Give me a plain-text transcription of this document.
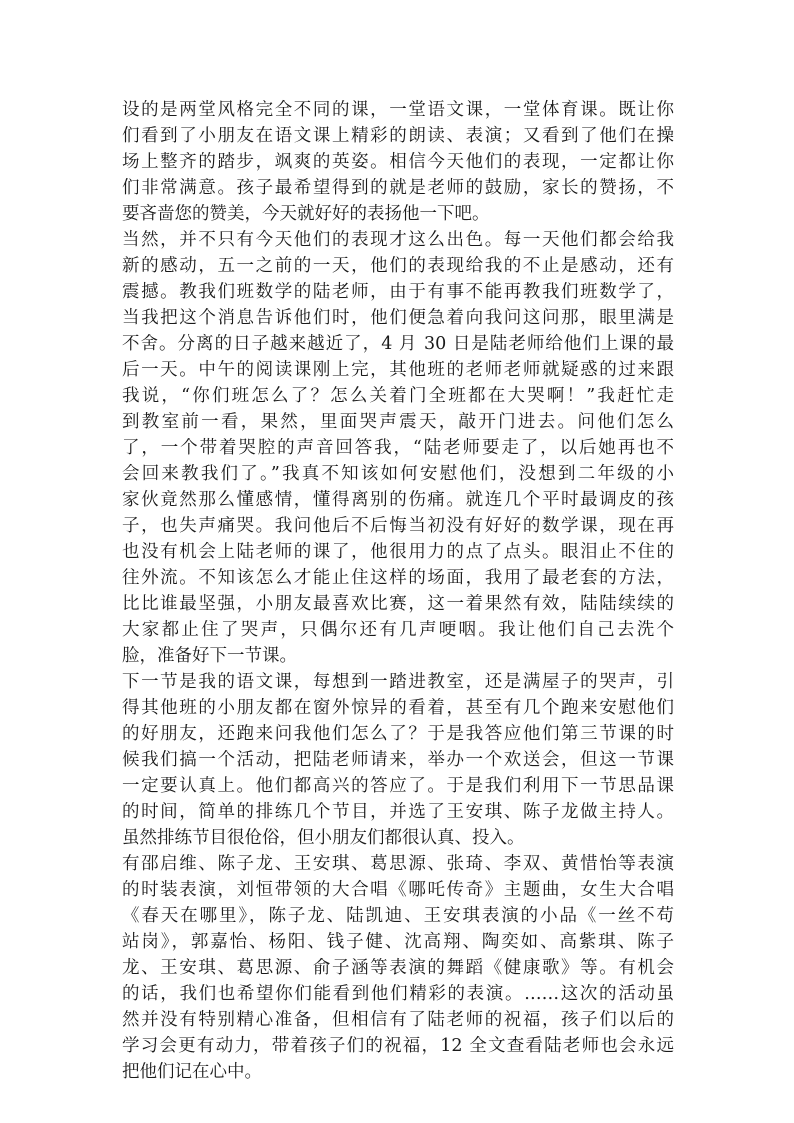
设的是两堂风格完全不同的课，一堂语文课，一堂体育课。既让你
们看到了小朋友在语文课上精彩的朗读、表演；又看到了他们在操
场上整齐的踏步，飒爽的英姿。相信今天他们的表现，一定都让你
们非常满意。孩子最希望得到的就是老师的鼓励，家长的赞扬，不
要吝啬您的赞美，今天就好好的表扬他一下吧。
当然，并不只有今天他们的表现才这么出色。每一天他们都会给我
新的感动，五一之前的一天，他们的表现给我的不止是感动，还有
震撼。教我们班数学的陆老师，由于有事不能再教我们班数学了，
当我把这个消息告诉他们时，他们便急着向我问这问那，眼里满是
不舍。分离的日子越来越近了，4 月 30 日是陆老师给他们上课的最
后一天。中午的阅读课刚上完，其他班的老师老师就疑惑的过来跟
我说，“你们班怎么了？怎么关着门全班都在大哭啊！”我赶忙走
到教室前一看，果然，里面哭声震天，敲开门进去。问他们怎么
了，一个带着哭腔的声音回答我，“陆老师要走了，以后她再也不
会回来教我们了。”我真不知该如何安慰他们，没想到二年级的小
家伙竟然那么懂感情，懂得离别的伤痛。就连几个平时最调皮的孩
子，也失声痛哭。我问他后不后悔当初没有好好的数学课，现在再
也没有机会上陆老师的课了，他很用力的点了点头。眼泪止不住的
往外流。不知该怎么才能止住这样的场面，我用了最老套的方法，
比比谁最坚强，小朋友最喜欢比赛，这一着果然有效，陆陆续续的
大家都止住了哭声，只偶尔还有几声哽咽。我让他们自己去洗个
脸，准备好下一节课。
下一节是我的语文课，每想到一踏进教室，还是满屋子的哭声，引
得其他班的小朋友都在窗外惊异的看着，甚至有几个跑来安慰他们
的好朋友，还跑来问我他们怎么了？于是我答应他们第三节课的时
候我们搞一个活动，把陆老师请来，举办一个欢送会，但这一节课
一定要认真上。他们都高兴的答应了。于是我们利用下一节思品课
的时间，简单的排练几个节目，并选了王安琪、陈子龙做主持人。
虽然排练节目很伧俗，但小朋友们都很认真、投入。
有邵启维、陈子龙、王安琪、葛思源、张琦、李双、黄惜怡等表演
的时装表演，刘恒带领的大合唱《哪吒传奇》主题曲，女生大合唱
《春天在哪里》，陈子龙、陆凯迪、王安琪表演的小品《一丝不苟
站岗》，郭嘉怡、杨阳、钱子健、沈高翔、陶奕如、高紫琪、陈子
龙、王安琪、葛思源、俞子涵等表演的舞蹈《健康歌》等。有机会
的话，我们也希望你们能看到他们精彩的表演。……这次的活动虽
然并没有特别精心准备，但相信有了陆老师的祝福，孩子们以后的
学习会更有动力，带着孩子们的祝福，12 全文查看陆老师也会永远
把他们记在心中。
